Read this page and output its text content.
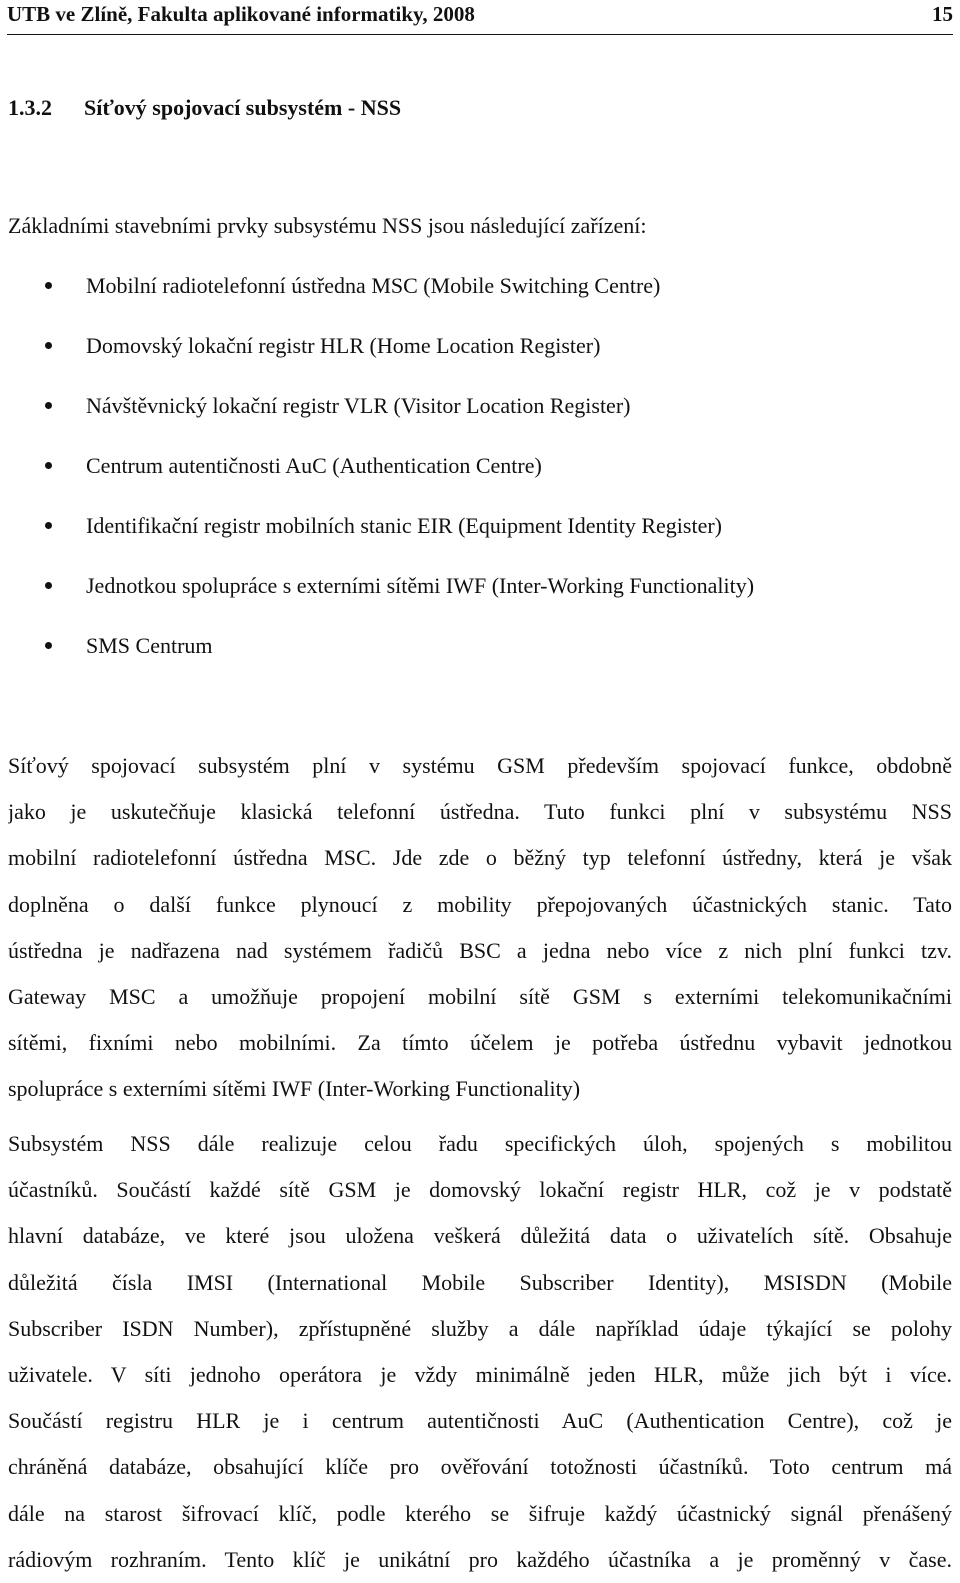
UTB ve Zlíně, Fakulta aplikované informatiky, 2008	15
1.3.2 Síťový spojovací subsystém - NSS
Základními stavebními prvky subsystému NSS jsou následující zařízení:
Mobilní radiotelefonní ústředna MSC (Mobile Switching Centre)
Domovský lokační registr HLR (Home Location Register)
Návštěvnický lokační registr VLR (Visitor Location Register)
Centrum autentičnosti AuC (Authentication Centre)
Identifikační registr mobilních stanic EIR (Equipment Identity Register)
Jednotkou spolupráce s externími sítěmi IWF (Inter-Working Functionality)
SMS Centrum
Síťový spojovací subsystém plní v systému GSM především spojovací funkce, obdobně
jako je uskutečňuje klasická telefonní ústředna. Tuto funkci plní v subsystému NSS
mobilní radiotelefonní ústředna MSC. Jde zde o běžný typ telefonní ústředny, která je však
doplněna o další funkce plynoucí z mobility přepojovaných účastnických stanic. Tato
ústředna je nadřazena nad systémem řadičů BSC a jedna nebo více z nich plní funkci tzv.
Gateway MSC a umožňuje propojení mobilní sítě GSM s externími telekomunikačními
sítěmi, fixními nebo mobilními. Za tímto účelem je potřeba ústřednu vybavit jednotkou
spolupráce s externími sítěmi IWF (Inter-Working Functionality)
Subsystém NSS dále realizuje celou řadu specifických úloh, spojených s mobilitou
účastníků. Součástí každé sítě GSM je domovský lokační registr HLR, což je v podstatě
hlavní databáze, ve které jsou uložena veškerá důležitá data o uživatelích sítě. Obsahuje
důležitá čísla IMSI (International Mobile Subscriber Identity), MSISDN (Mobile
Subscriber ISDN Number), zpřístupněné služby a dále například údaje týkající se polohy
uživatele. V síti jednoho operátora je vždy minimálně jeden HLR, může jich být i více.
Součástí registru HLR je i centrum autentičnosti AuC (Authentication Centre), což je
chráněná databáze, obsahující klíče pro ověřování totožnosti účastníků. Toto centrum má
dále na starost šifrovací klíč, podle kterého se šifruje každý účastnický signál přenášený
rádiovým rozhraním. Tento klíč je unikátní pro každého účastníka a je proměnný v čase.
